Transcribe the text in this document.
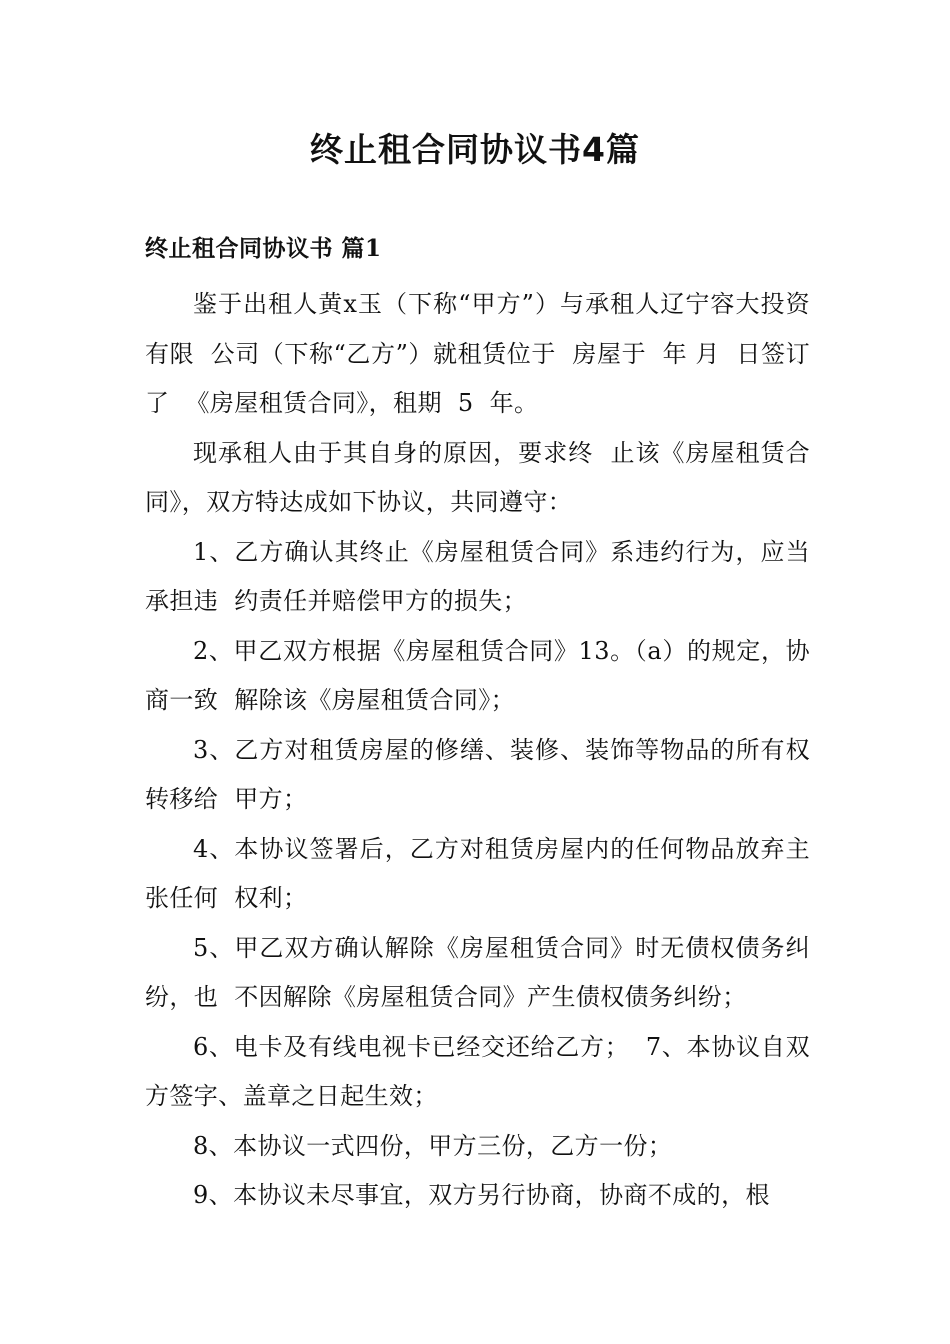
终止租合同协议书4篇
终止租合同协议书 篇1

鉴于出租人黄x玉（下称“甲方”）与承租人辽宁容大投资有限  公司（下称“乙方”）就租赁位于  房屋于  年 月  日签订了  《房屋租赁合同》，租期  5  年。

现承租人由于其自身的原因，要求终  止该《房屋租赁合同》，双方特达成如下协议，共同遵守：

1、乙方确认其终止《房屋租赁合同》系违约行为，应当承担违  约责任并赔偿甲方的损失；

2、甲乙双方根据《房屋租赁合同》13。（a）的规定，协商一致  解除该《房屋租赁合同》；

3、乙方对租赁房屋的修缮、装修、装饰等物品的所有权转移给  甲方；

4、本协议签署后，乙方对租赁房屋内的任何物品放弃主张任何  权利；

5、甲乙双方确认解除《房屋租赁合同》时无债权债务纠纷，也  不因解除《房屋租赁合同》产生债权债务纠纷；

6、电卡及有线电视卡已经交还给乙方；  7、本协议自双方签字、盖章之日起生效；

8、本协议一式四份，甲方三份，乙方一份；

9、本协议未尽事宜，双方另行协商，协商不成的，根
